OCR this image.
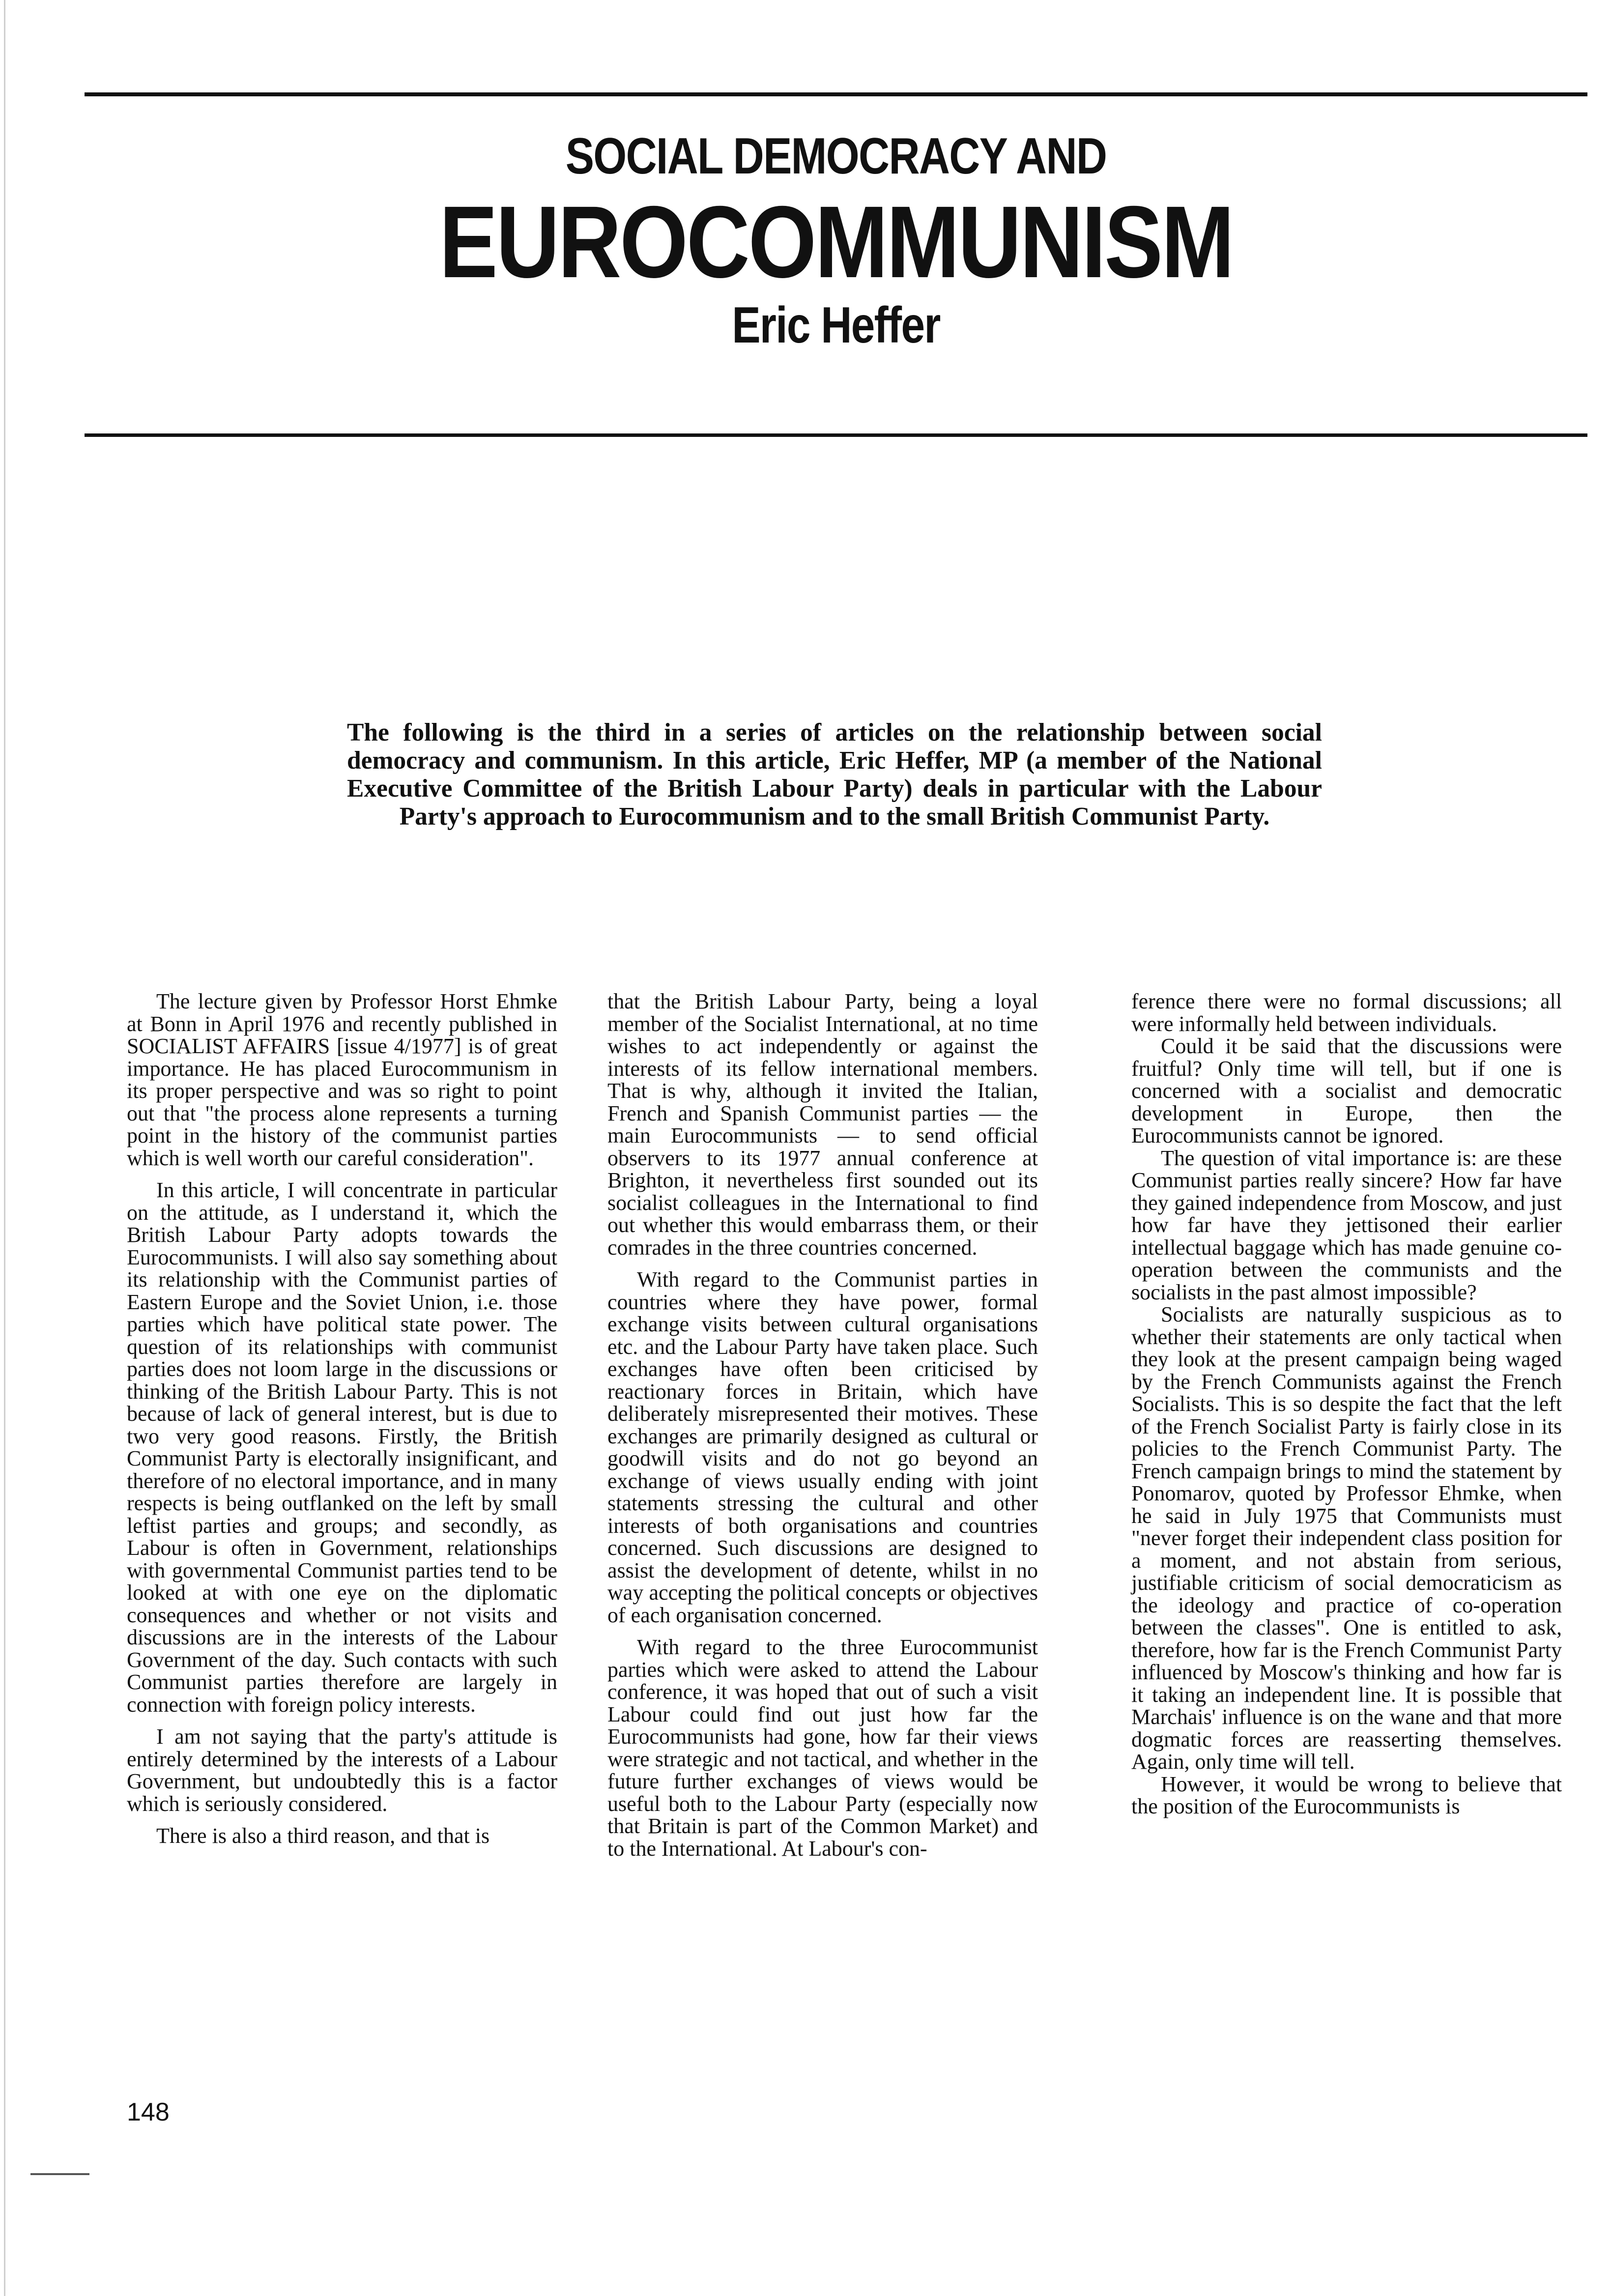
SOCIAL DEMOCRACY AND
EUROCOMMUNISM
Eric Heffer
The following is the third in a series of articles on the relationship between social democracy and communism. In this article, Eric Heffer, MP (a member of the National Executive Committee of the British Labour Party) deals in particular with the Labour Party's approach to Eurocommunism and to the small British Communist Party.

The lecture given by Professor Horst Ehmke at Bonn in April 1976 and recently published in SOCIALIST AFFAIRS [issue 4/1977] is of great importance. He has placed Eurocommunism in its proper perspective and was so right to point out that "the process alone represents a turning point in the history of the communist parties which is well worth our careful consideration".

In this article, I will concentrate in particular on the attitude, as I understand it, which the British Labour Party adopts towards the Eurocommunists. I will also say something about its relationship with the Communist parties of Eastern Europe and the Soviet Union, i.e. those parties which have political state power. The question of its relationships with communist parties does not loom large in the discussions or thinking of the British Labour Party. This is not because of lack of general interest, but is due to two very good reasons. Firstly, the British Communist Party is electorally insignificant, and therefore of no electoral importance, and in many respects is being outflanked on the left by small leftist parties and groups; and secondly, as Labour is often in Government, relationships with governmental Communist parties tend to be looked at with one eye on the diplomatic consequences and whether or not visits and discussions are in the interests of the Labour Government of the day. Such contacts with such Communist parties therefore are largely in connection with foreign policy interests.

I am not saying that the party's attitude is entirely determined by the interests of a Labour Government, but undoubtedly this is a factor which is seriously considered.

There is also a third reason, and that is

that the British Labour Party, being a loyal member of the Socialist International, at no time wishes to act independently or against the interests of its fellow international members. That is why, although it invited the Italian, French and Spanish Communist parties — the main Eurocommunists — to send official observers to its 1977 annual conference at Brighton, it nevertheless first sounded out its socialist colleagues in the International to find out whether this would embarrass them, or their comrades in the three countries concerned.

With regard to the Communist parties in countries where they have power, formal exchange visits between cultural organisations etc. and the Labour Party have taken place. Such exchanges have often been criticised by reactionary forces in Britain, which have deliberately misrepresented their motives. These exchanges are primarily designed as cultural or goodwill visits and do not go beyond an exchange of views usually ending with joint statements stressing the cultural and other interests of both organisations and countries concerned. Such discussions are designed to assist the development of detente, whilst in no way accepting the political concepts or objectives of each organisation concerned.

With regard to the three Eurocommunist parties which were asked to attend the Labour conference, it was hoped that out of such a visit Labour could find out just how far the Eurocommunists had gone, how far their views were strategic and not tactical, and whether in the future further exchanges of views would be useful both to the Labour Party (especially now that Britain is part of the Common Market) and to the International. At Labour's con-

ference there were no formal discussions; all were informally held between individuals.

Could it be said that the discussions were fruitful? Only time will tell, but if one is concerned with a socialist and democratic development in Europe, then the Eurocommunists cannot be ignored.

The question of vital importance is: are these Communist parties really sincere? How far have they gained independence from Moscow, and just how far have they jettisoned their earlier intellectual baggage which has made genuine co-operation between the communists and the socialists in the past almost impossible?

Socialists are naturally suspicious as to whether their statements are only tactical when they look at the present campaign being waged by the French Communists against the French Socialists. This is so despite the fact that the left of the French Socialist Party is fairly close in its policies to the French Communist Party. The French campaign brings to mind the statement by Ponomarov, quoted by Professor Ehmke, when he said in July 1975 that Communists must "never forget their independent class position for a moment, and not abstain from serious, justifiable criticism of social democraticism as the ideology and practice of co-operation between the classes". One is entitled to ask, therefore, how far is the French Communist Party influenced by Moscow's thinking and how far is it taking an independent line. It is possible that Marchais' influence is on the wane and that more dogmatic forces are reasserting themselves. Again, only time will tell.

However, it would be wrong to believe that the position of the Eurocommunists is

148
